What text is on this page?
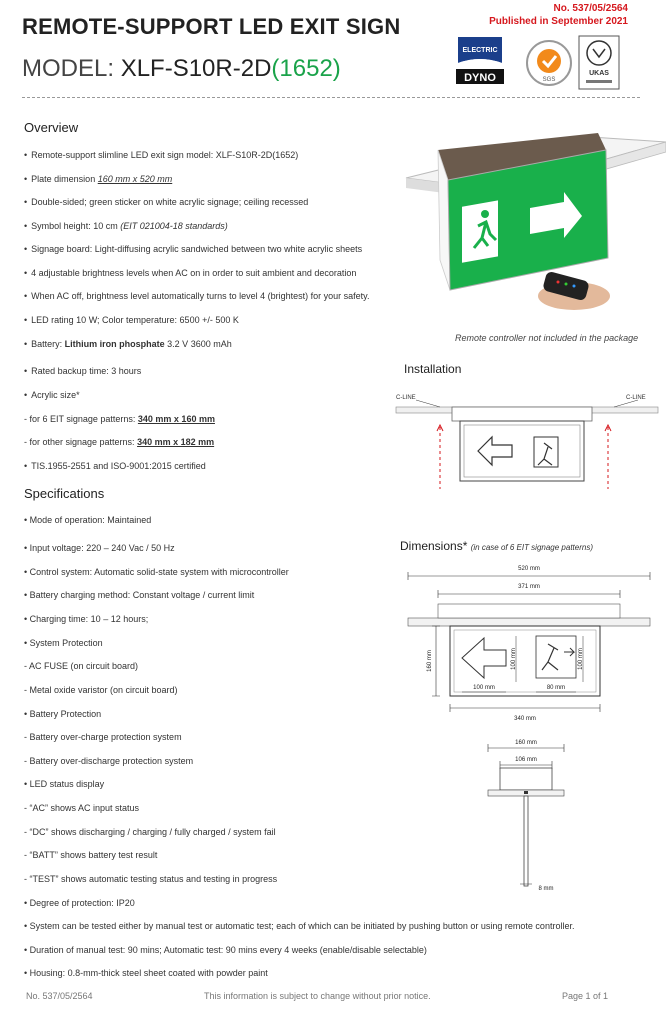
REMOTE-SUPPORT LED EXIT SIGN
MODEL: XLF-S10R-2D(1652)
No. 537/05/2564
Published in September 2021
ELECTRIC
DYNO	SGS
UKAS
Overview
• Remote-support slimline LED exit sign model: XLF-S10R-2D(1652)
• Plate dimension 160 mm x 520 mm
• Double-sided; green sticker on white acrylic signage; ceiling recessed
• Symbol height: 10 cm (EIT 021004-18 standards)
• Signage board: Light-diffusing acrylic sandwiched between two white acrylic sheets
• 4 adjustable brightness levels when AC on in order to suit ambient and decoration
• When AC off, brightness level automatically turns to level 4 (brightest) for your safety.
• LED rating 10 W; Color temperature: 6500 +/- 500 K
• Battery: Lithium iron phosphate 3.2 V 3600 mAh
• Rated backup time: 3 hours
• Acrylic size*
- for 6 EIT signage patterns: 340 mm x 160 mm
- for other signage patterns: 340 mm x 182 mm
• TIS.1955-2551 and ISO-9001:2015 certified
Specifications
• Mode of operation: Maintained
• Input voltage: 220 – 240 Vac / 50 Hz
• Control system: Automatic solid-state system with microcontroller
• Battery charging method: Constant voltage / current limit
• Charging time: 10 – 12 hours;
• System Protection
- AC FUSE (on circuit board)
- Metal oxide varistor (on circuit board)
• Battery Protection
- Battery over-charge protection system
- Battery over-discharge protection system
• LED status display
- “AC” shows AC input status
- “DC” shows discharging / charging / fully charged / system fail
- “BATT” shows battery test result
- “TEST” shows automatic testing status and testing in progress
• Degree of protection: IP20
• System can be tested either by manual test or automatic test; each of which can be initiated by pushing button or using remote controller.
• Duration of manual test: 90 mins; Automatic test: 90 mins every 4 weeks (enable/disable selectable)
• Housing: 0.8-mm-thick steel sheet coated with powder paint
Remote controller not included in the package
Installation
C-LINE	C-LINE
Dimensions* (in case of 6 EIT signage patterns)
520 mm
371 mm
100 mm	100 mm
160 mm
100 mm	80 mm
340 mm
160 mm
106 mm
8 mm
No. 537/05/2564	This information is subject to change without prior notice.	Page 1 of 1
